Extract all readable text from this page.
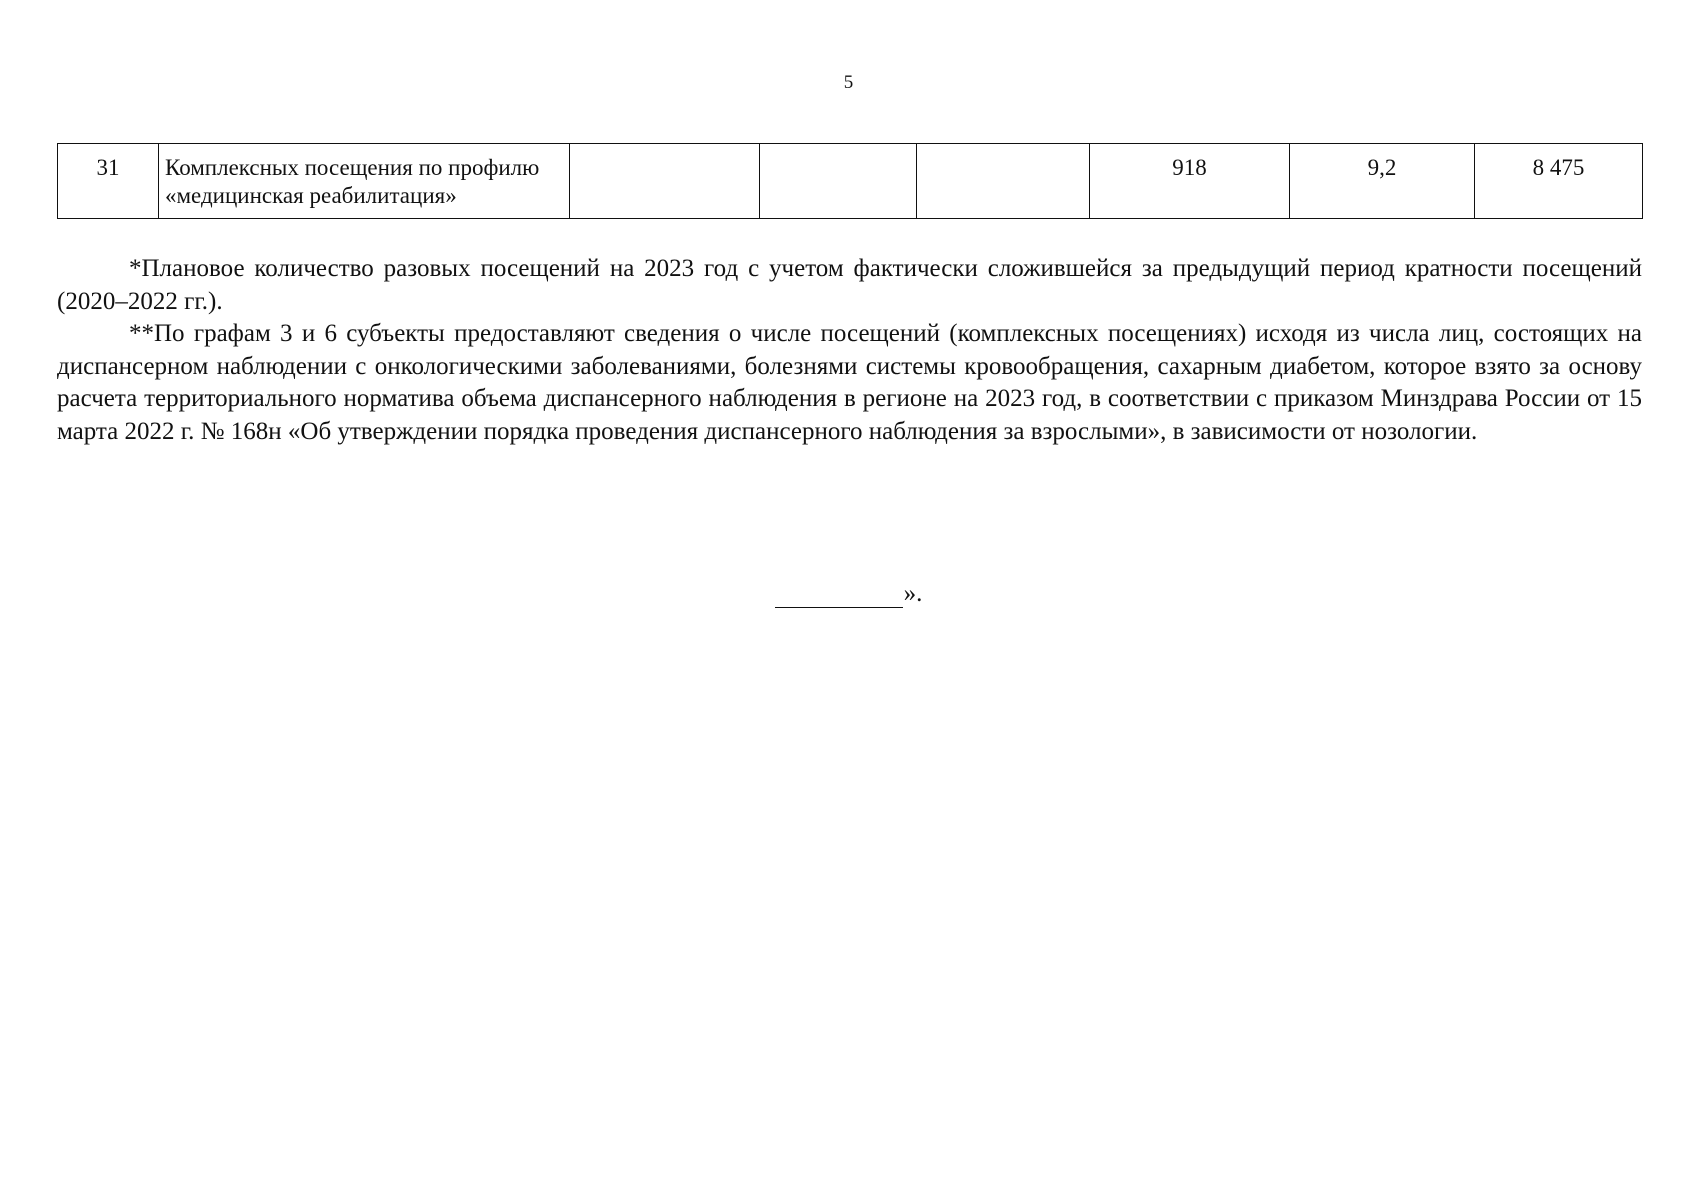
5
31	Комплексных посещения по профилю «медицинская реабилитация»				918	9,2	8 475

*Плановое количество разовых посещений на 2023 год с учетом фактически сложившейся за предыдущий период кратности посещений (2020–2022 гг.).

**По графам 3 и 6 субъекты предоставляют сведения о числе посещений (комплексных посещениях) исходя из числа лиц, состоящих на диспансерном наблюдении с онкологическими заболеваниями, болезнями системы кровообращения, сахарным диабетом, которое взято за основу расчета территориального норматива объема диспансерного наблюдения в регионе на 2023 год, в соответствии с приказом Минздрава России от 15 марта 2022 г. № 168н «Об утверждении порядка проведения диспансерного наблюдения за взрослыми», в зависимости от нозологии.

».
